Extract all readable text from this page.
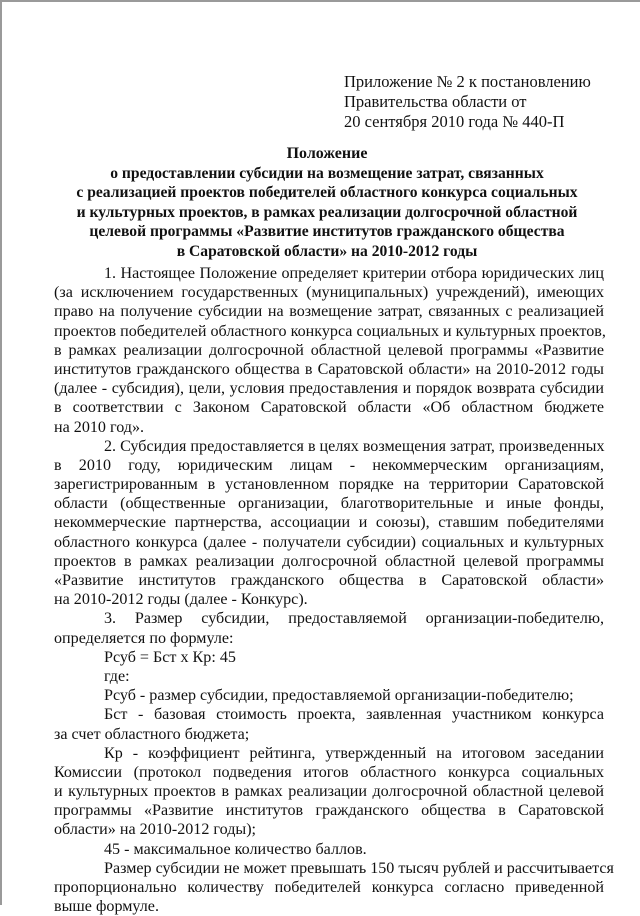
Приложение № 2 к постановлению
Правительства области от
20 сентября 2010 года № 440-П
Положение
о предоставлении субсидии на возмещение затрат, связанных
с реализацией проектов победителей областного конкурса социальных
и культурных проектов, в рамках реализации долгосрочной областной
целевой программы «Развитие институтов гражданского общества
в Саратовской области» на 2010-2012 годы
1. Настоящее Положение определяет критерии отбора юридических лиц
(за исключением государственных (муниципальных) учреждений), имеющих
право на получение субсидии на возмещение затрат, связанных с реализацией
проектов победителей областного конкурса социальных и культурных проектов,
в рамках реализации долгосрочной областной целевой программы «Развитие
институтов гражданского общества в Саратовской области» на 2010-2012 годы
(далее - субсидия), цели, условия предоставления и порядок возврата субсидии
в соответствии с Законом Саратовской области «Об областном бюджете
на 2010 год».
2. Субсидия предоставляется в целях возмещения затрат, произведенных
в 2010 году, юридическим лицам - некоммерческим организациям,
зарегистрированным в установленном порядке на территории Саратовской
области (общественные организации, благотворительные и иные фонды,
некоммерческие партнерства, ассоциации и союзы), ставшим победителями
областного конкурса (далее - получатели субсидии) социальных и культурных
проектов в рамках реализации долгосрочной областной целевой программы
«Развитие институтов гражданского общества в Саратовской области»
на 2010-2012 годы (далее - Конкурс).
3. Размер субсидии, предоставляемой организации-победителю,
определяется по формуле:
Рсуб = Бст х Кр: 45
где:
Рсуб - размер субсидии, предоставляемой организации-победителю;
Бст - базовая стоимость проекта, заявленная участником конкурса
за счет областного бюджета;
Кр - коэффициент рейтинга, утвержденный на итоговом заседании
Комиссии (протокол подведения итогов областного конкурса социальных
и культурных проектов в рамках реализации долгосрочной областной целевой
программы «Развитие институтов гражданского общества в Саратовской
области» на 2010-2012 годы);
45 - максимальное количество баллов.
Размер субсидии не может превышать 150 тысяч рублей и рассчитывается
пропорционально количеству победителей конкурса согласно приведенной
выше формуле.
